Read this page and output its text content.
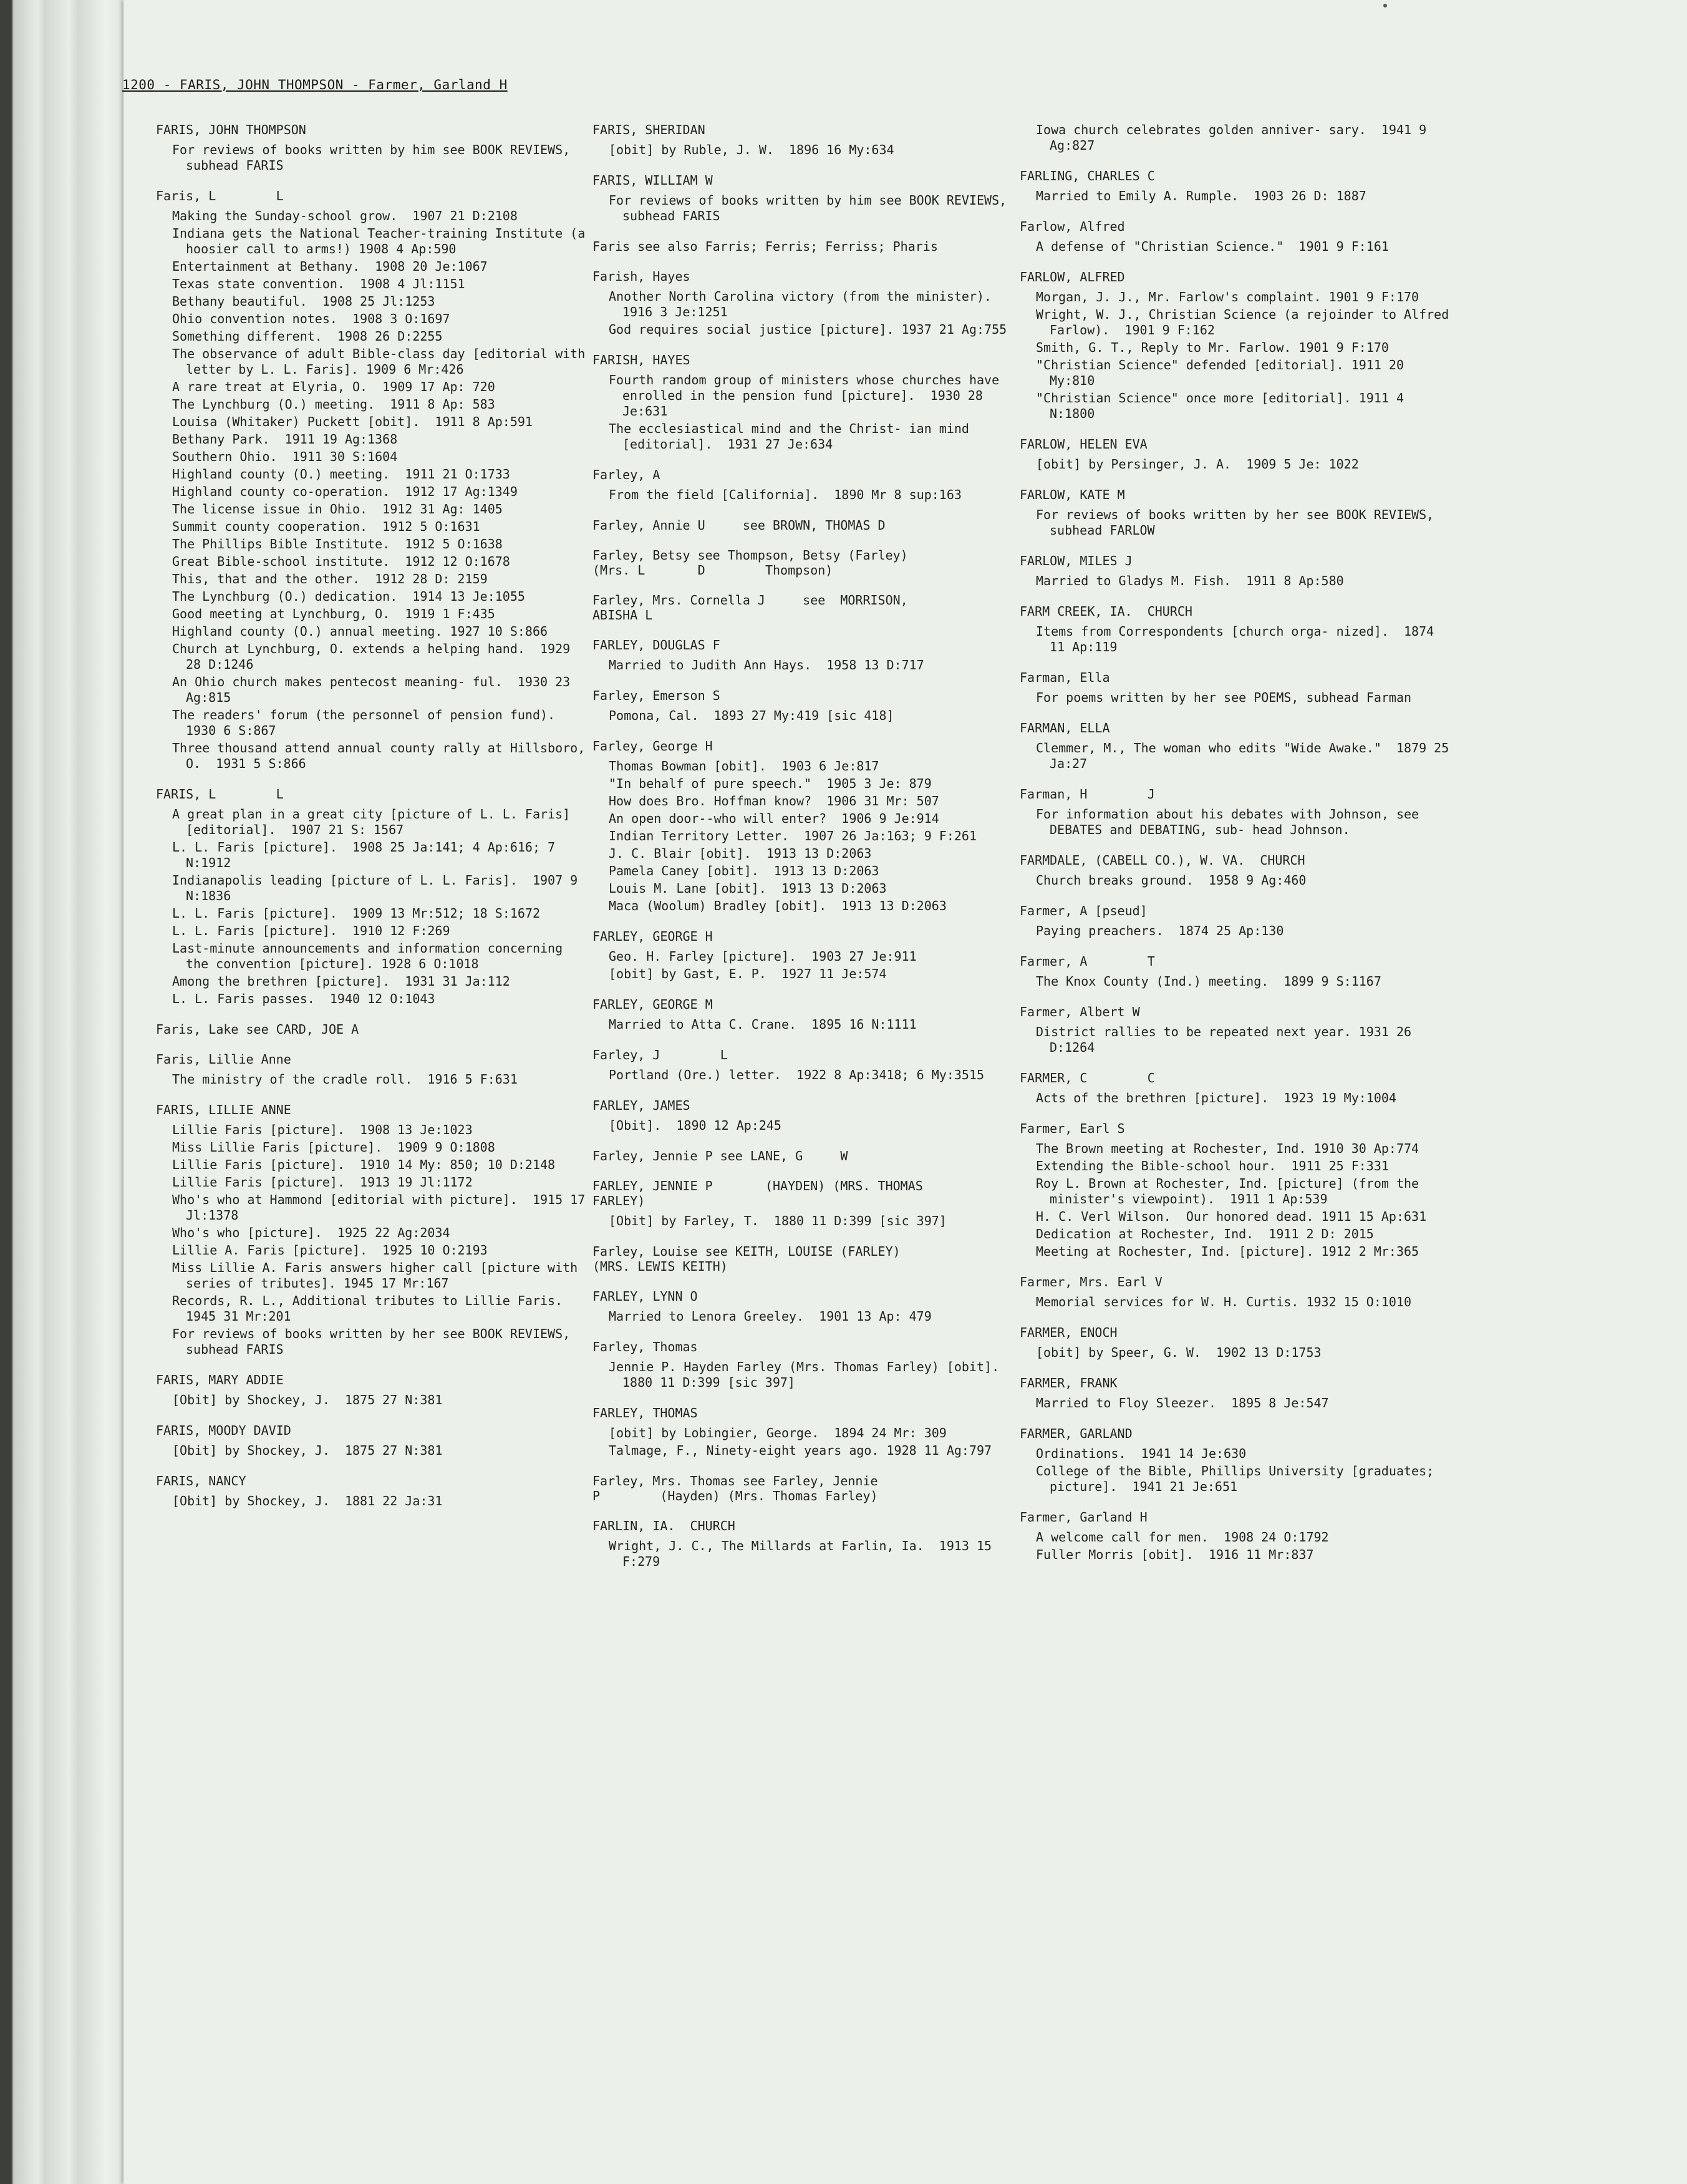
1200 - FARIS, JOHN THOMPSON - Farmer, Garland H
FARIS, JOHN THOMPSON
For reviews of books written by him see BOOK REVIEWS, subhead FARIS
Faris, L        L
Making the Sunday-school grow.  1907 21 D:2108
Indiana gets the National Teacher-training Institute (a hoosier call to arms!) 1908 4 Ap:590
Entertainment at Bethany.  1908 20 Je:1067
Texas state convention.  1908 4 Jl:1151
Bethany beautiful.  1908 25 Jl:1253
Ohio convention notes.  1908 3 O:1697
Something different.  1908 26 D:2255
The observance of adult Bible-class day [editorial with letter by L. L. Faris]. 1909 6 Mr:426
A rare treat at Elyria, O.  1909 17 Ap: 720
The Lynchburg (O.) meeting.  1911 8 Ap: 583
Louisa (Whitaker) Puckett [obit].  1911 8 Ap:591
Bethany Park.  1911 19 Ag:1368
Southern Ohio.  1911 30 S:1604
Highland county (O.) meeting.  1911 21 O:1733
Highland county co-operation.  1912 17 Ag:1349
The license issue in Ohio.  1912 31 Ag: 1405
Summit county cooperation.  1912 5 O:1631
The Phillips Bible Institute.  1912 5 O:1638
Great Bible-school institute.  1912 12 O:1678
This, that and the other.  1912 28 D: 2159
The Lynchburg (O.) dedication.  1914 13 Je:1055
Good meeting at Lynchburg, O.  1919 1 F:435
Highland county (O.) annual meeting. 1927 10 S:866
Church at Lynchburg, O. extends a helping hand.  1929 28 D:1246
An Ohio church makes pentecost meaning- ful.  1930 23 Ag:815
The readers' forum (the personnel of pension fund).  1930 6 S:867
Three thousand attend annual county rally at Hillsboro, O.  1931 5 S:866
FARIS, L        L
A great plan in a great city [picture of L. L. Faris] [editorial].  1907 21 S: 1567
L. L. Faris [picture].  1908 25 Ja:141; 4 Ap:616; 7 N:1912
Indianapolis leading [picture of L. L. Faris].  1907 9 N:1836
L. L. Faris [picture].  1909 13 Mr:512; 18 S:1672
L. L. Faris [picture].  1910 12 F:269
Last-minute announcements and information concerning the convention [picture]. 1928 6 O:1018
Among the brethren [picture].  1931 31 Ja:112
L. L. Faris passes.  1940 12 O:1043
Faris, Lake see CARD, JOE A
Faris, Lillie Anne
The ministry of the cradle roll.  1916 5 F:631
FARIS, LILLIE ANNE
Lillie Faris [picture].  1908 13 Je:1023
Miss Lillie Faris [picture].  1909 9 O:1808
Lillie Faris [picture].  1910 14 My: 850; 10 D:2148
Lillie Faris [picture].  1913 19 Jl:1172
Who's who at Hammond [editorial with picture].  1915 17 Jl:1378
Who's who [picture].  1925 22 Ag:2034
Lillie A. Faris [picture].  1925 10 O:2193
Miss Lillie A. Faris answers higher call [picture with series of tributes]. 1945 17 Mr:167
Records, R. L., Additional tributes to Lillie Faris.  1945 31 Mr:201
For reviews of books written by her see BOOK REVIEWS, subhead FARIS
FARIS, MARY ADDIE
[Obit] by Shockey, J.  1875 27 N:381
FARIS, MOODY DAVID
[Obit] by Shockey, J.  1875 27 N:381
FARIS, NANCY
[Obit] by Shockey, J.  1881 22 Ja:31
FARIS, SHERIDAN
[obit] by Ruble, J. W.  1896 16 My:634
FARIS, WILLIAM W
For reviews of books written by him see BOOK REVIEWS, subhead FARIS
Faris see also Farris; Ferris; Ferriss; Pharis
Farish, Hayes
Another North Carolina victory (from the minister).  1916 3 Je:1251
God requires social justice [picture]. 1937 21 Ag:755
FARISH, HAYES
Fourth random group of ministers whose churches have enrolled in the pension fund [picture].  1930 28 Je:631
The ecclesiastical mind and the Christ- ian mind [editorial].  1931 27 Je:634
Farley, A
From the field [California].  1890 Mr 8 sup:163
Farley, Annie U     see BROWN, THOMAS D
Farley, Betsy see Thompson, Betsy (Farley)
(Mrs. L       D        Thompson)
Farley, Mrs. Cornella J     see  MORRISON,
ABISHA L
FARLEY, DOUGLAS F
Married to Judith Ann Hays.  1958 13 D:717
Farley, Emerson S
Pomona, Cal.  1893 27 My:419 [sic 418]
Farley, George H
Thomas Bowman [obit].  1903 6 Je:817
"In behalf of pure speech."  1905 3 Je: 879
How does Bro. Hoffman know?  1906 31 Mr: 507
An open door--who will enter?  1906 9 Je:914
Indian Territory Letter.  1907 26 Ja:163; 9 F:261
J. C. Blair [obit].  1913 13 D:2063
Pamela Caney [obit].  1913 13 D:2063
Louis M. Lane [obit].  1913 13 D:2063
Maca (Woolum) Bradley [obit].  1913 13 D:2063
FARLEY, GEORGE H
Geo. H. Farley [picture].  1903 27 Je:911
[obit] by Gast, E. P.  1927 11 Je:574
FARLEY, GEORGE M
Married to Atta C. Crane.  1895 16 N:1111
Farley, J        L
Portland (Ore.) letter.  1922 8 Ap:3418; 6 My:3515
FARLEY, JAMES
[Obit].  1890 12 Ap:245
Farley, Jennie P see LANE, G     W
FARLEY, JENNIE P       (HAYDEN) (MRS. THOMAS
FARLEY)
[Obit] by Farley, T.  1880 11 D:399 [sic 397]
Farley, Louise see KEITH, LOUISE (FARLEY)
(MRS. LEWIS KEITH)
FARLEY, LYNN O
Married to Lenora Greeley.  1901 13 Ap: 479
Farley, Thomas
Jennie P. Hayden Farley (Mrs. Thomas Farley) [obit].  1880 11 D:399 [sic 397]
FARLEY, THOMAS
[obit] by Lobingier, George.  1894 24 Mr: 309
Talmage, F., Ninety-eight years ago. 1928 11 Ag:797
Farley, Mrs. Thomas see Farley, Jennie
P        (Hayden) (Mrs. Thomas Farley)
FARLIN, IA.  CHURCH
Wright, J. C., The Millards at Farlin, Ia.  1913 15 F:279
Iowa church celebrates golden anniver- sary.  1941 9 Ag:827
FARLING, CHARLES C
Married to Emily A. Rumple.  1903 26 D: 1887
Farlow, Alfred
A defense of "Christian Science."  1901 9 F:161
FARLOW, ALFRED
Morgan, J. J., Mr. Farlow's complaint. 1901 9 F:170
Wright, W. J., Christian Science (a rejoinder to Alfred Farlow).  1901 9 F:162
Smith, G. T., Reply to Mr. Farlow. 1901 9 F:170
"Christian Science" defended [editorial]. 1911 20 My:810
"Christian Science" once more [editorial]. 1911 4 N:1800
FARLOW, HELEN EVA
[obit] by Persinger, J. A.  1909 5 Je: 1022
FARLOW, KATE M
For reviews of books written by her see BOOK REVIEWS, subhead FARLOW
FARLOW, MILES J
Married to Gladys M. Fish.  1911 8 Ap:580
FARM CREEK, IA.  CHURCH
Items from Correspondents [church orga- nized].  1874 11 Ap:119
Farman, Ella
For poems written by her see POEMS, subhead Farman
FARMAN, ELLA
Clemmer, M., The woman who edits "Wide Awake."  1879 25 Ja:27
Farman, H        J
For information about his debates with Johnson, see DEBATES and DEBATING, sub- head Johnson.
FARMDALE, (CABELL CO.), W. VA.  CHURCH
Church breaks ground.  1958 9 Ag:460
Farmer, A [pseud]
Paying preachers.  1874 25 Ap:130
Farmer, A        T
The Knox County (Ind.) meeting.  1899 9 S:1167
Farmer, Albert W
District rallies to be repeated next year. 1931 26 D:1264
FARMER, C        C
Acts of the brethren [picture].  1923 19 My:1004
Farmer, Earl S
The Brown meeting at Rochester, Ind. 1910 30 Ap:774
Extending the Bible-school hour.  1911 25 F:331
Roy L. Brown at Rochester, Ind. [picture] (from the minister's viewpoint).  1911 1 Ap:539
H. C. Verl Wilson.  Our honored dead. 1911 15 Ap:631
Dedication at Rochester, Ind.  1911 2 D: 2015
Meeting at Rochester, Ind. [picture]. 1912 2 Mr:365
Farmer, Mrs. Earl V
Memorial services for W. H. Curtis. 1932 15 O:1010
FARMER, ENOCH
[obit] by Speer, G. W.  1902 13 D:1753
FARMER, FRANK
Married to Floy Sleezer.  1895 8 Je:547
FARMER, GARLAND
Ordinations.  1941 14 Je:630
College of the Bible, Phillips University [graduates; picture].  1941 21 Je:651
Farmer, Garland H
A welcome call for men.  1908 24 O:1792
Fuller Morris [obit].  1916 11 Mr:837
